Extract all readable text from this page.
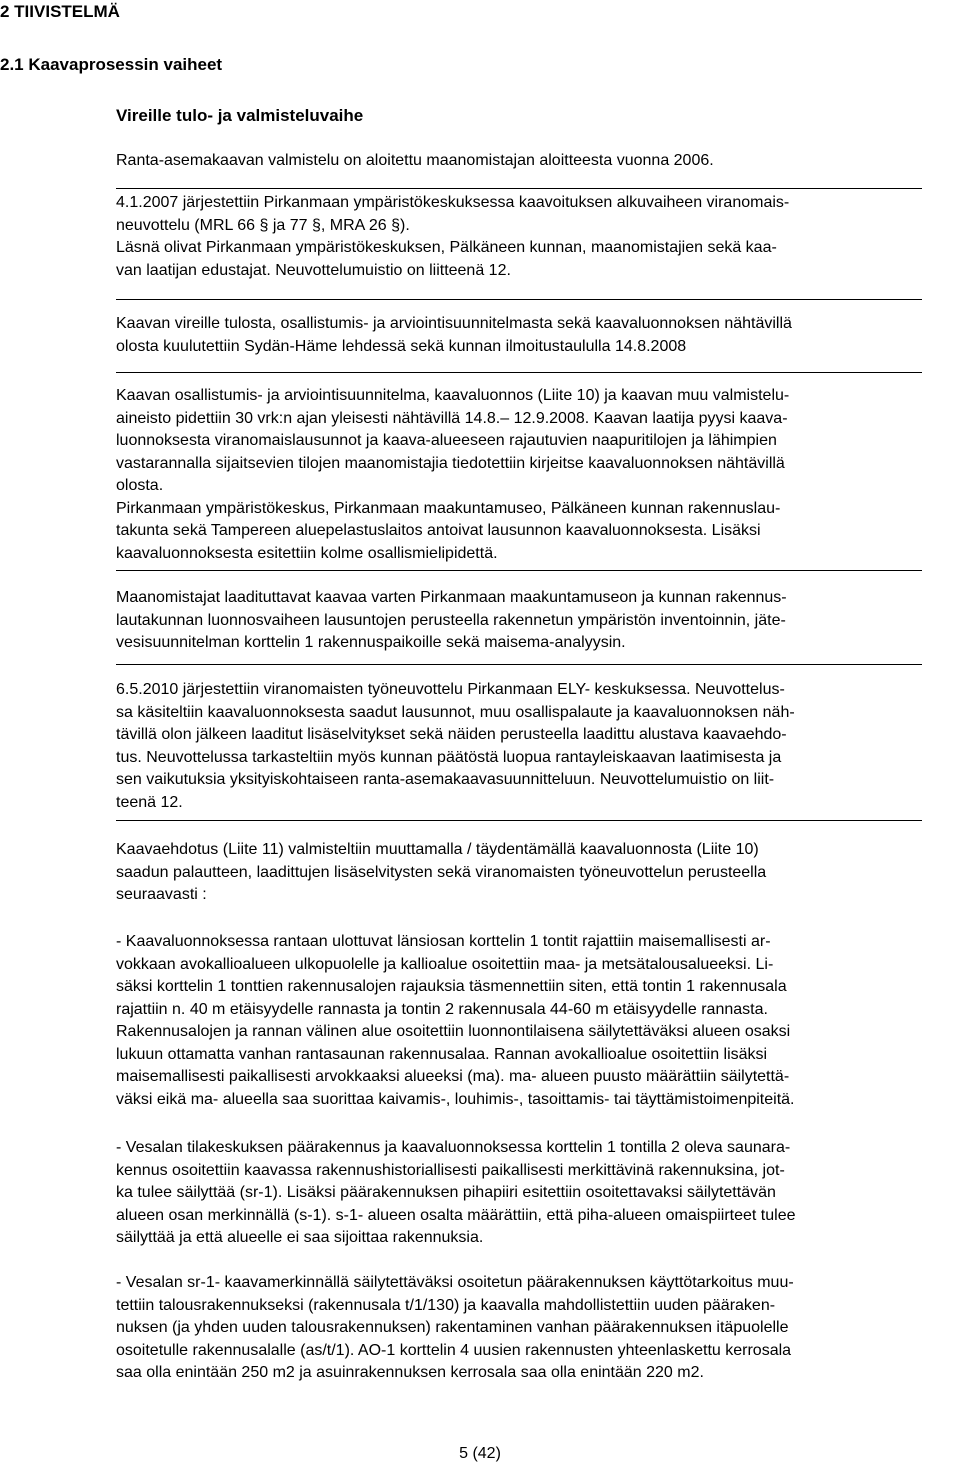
2 TIIVISTELMÄ
2.1 Kaavaprosessin vaiheet
Vireille tulo- ja valmisteluvaihe
Ranta-asemakaavan valmistelu on aloitettu maanomistajan aloitteesta vuonna 2006.
4.1.2007 järjestettiin Pirkanmaan ympäristökeskuksessa kaavoituksen alkuvaiheen viranomais-
neuvottelu (MRL 66 § ja 77 §, MRA 26 §).
Läsnä olivat Pirkanmaan ympäristökeskuksen, Pälkäneen kunnan, maanomistajien sekä kaa-
van laatijan edustajat. Neuvottelumuistio on liitteenä 12.
Kaavan vireille tulosta, osallistumis- ja arviointisuunnitelmasta sekä kaavaluonnoksen nähtävillä
olosta kuulutettiin Sydän-Häme lehdessä sekä kunnan ilmoitustaululla 14.8.2008
Kaavan osallistumis- ja arviointisuunnitelma, kaavaluonnos (Liite 10) ja kaavan muu valmistelu-
aineisto pidettiin 30 vrk:n ajan yleisesti nähtävillä 14.8.– 12.9.2008. Kaavan laatija pyysi kaava-
luonnoksesta viranomaislausunnot ja kaava-alueeseen rajautuvien naapuritilojen ja lähimpien
vastarannalla sijaitsevien tilojen maanomistajia tiedotettiin kirjeitse kaavaluonnoksen nähtävillä
olosta.
Pirkanmaan ympäristökeskus, Pirkanmaan maakuntamuseo, Pälkäneen kunnan rakennuslau-
takunta sekä Tampereen aluepelastuslaitos antoivat lausunnon kaavaluonnoksesta. Lisäksi
kaavaluonnoksesta esitettiin kolme osallismielipidettä.
Maanomistajat laadituttavat kaavaa varten Pirkanmaan maakuntamuseon ja kunnan rakennus-
lautakunnan luonnosvaiheen lausuntojen perusteella rakennetun ympäristön inventoinnin, jäte-
vesisuunnitelman korttelin 1 rakennuspaikoille sekä maisema-analyysin.
6.5.2010 järjestettiin viranomaisten työneuvottelu Pirkanmaan ELY- keskuksessa. Neuvottelus-
sa käsiteltiin kaavaluonnoksesta saadut lausunnot, muu osallispalaute ja kaavaluonnoksen näh-
tävillä olon jälkeen laaditut lisäselvitykset sekä näiden perusteella laadittu alustava kaavaehdo-
tus. Neuvottelussa tarkasteltiin myös kunnan päätöstä luopua rantayleiskaavan laatimisesta ja
sen vaikutuksia yksityiskohtaiseen ranta-asemakaavasuunnitteluun. Neuvottelumuistio on liit-
teenä 12.
Kaavaehdotus (Liite 11) valmisteltiin muuttamalla / täydentämällä kaavaluonnosta (Liite 10)
saadun palautteen, laadittujen lisäselvitysten sekä viranomaisten työneuvottelun perusteella
seuraavasti :
- Kaavaluonnoksessa rantaan ulottuvat länsiosan korttelin 1 tontit rajattiin maisemallisesti ar-
vokkaan avokallioalueen ulkopuolelle ja kallioalue osoitettiin maa- ja metsätalousalueeksi. Li-
säksi korttelin 1 tonttien rakennusalojen rajauksia täsmennettiin siten, että tontin 1 rakennusala
rajattiin n. 40 m etäisyydelle rannasta ja tontin 2 rakennusala 44-60 m etäisyydelle rannasta.
Rakennusalojen ja rannan välinen alue osoitettiin luonnontilaisena säilytettäväksi alueen osaksi
lukuun ottamatta vanhan rantasaunan rakennusalaa. Rannan avokallioalue osoitettiin lisäksi
maisemallisesti paikallisesti arvokkaaksi alueeksi (ma). ma- alueen puusto määrättiin säilytettä-
väksi eikä ma- alueella saa suorittaa kaivamis-, louhimis-, tasoittamis- tai täyttämistoimenpiteitä.
- Vesalan tilakeskuksen päärakennus ja kaavaluonnoksessa korttelin 1 tontilla 2 oleva saunara-
kennus osoitettiin kaavassa rakennushistoriallisesti paikallisesti merkittävinä rakennuksina, jot-
ka tulee säilyttää (sr-1). Lisäksi päärakennuksen pihapiiri esitettiin osoitettavaksi säilytettävän
alueen osan merkinnällä (s-1). s-1- alueen osalta määrättiin, että piha-alueen omaispiirteet tulee
säilyttää ja että alueelle ei saa sijoittaa rakennuksia.
- Vesalan sr-1- kaavamerkinnällä säilytettäväksi osoitetun päärakennuksen käyttötarkoitus muu-
tettiin talousrakennukseksi (rakennusala t/1/130) ja kaavalla mahdollistettiin uuden pääraken-
nuksen (ja yhden uuden talousrakennuksen) rakentaminen vanhan päärakennuksen itäpuolelle
osoitetulle rakennusalalle (as/t/1). AO-1 korttelin 4 uusien rakennusten yhteenlaskettu kerrosala
saa olla enintään 250 m2 ja asuinrakennuksen kerrosala saa olla enintään 220 m2.
5 (42)
